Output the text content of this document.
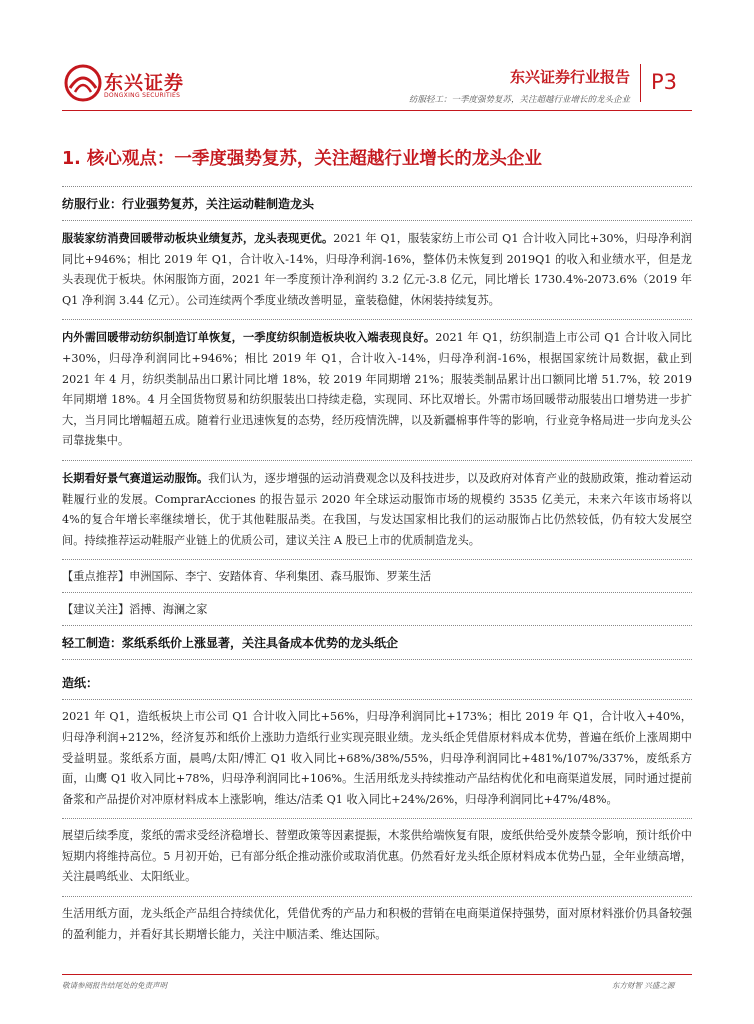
东兴证券
DONGXING SECURITIES
东兴证券行业报告
纺服轻工：一季度强势复苏，关注超越行业增长的龙头企业
P3
1. 核心观点：一季度强势复苏，关注超越行业增长的龙头企业
纺服行业：行业强势复苏，关注运动鞋制造龙头

服装家纺消费回暖带动板块业绩复苏，龙头表现更优。2021 年 Q1，服装家纺上市公司 Q1 合计收入同比+30%，归母净利润同比+946%；相比 2019 年 Q1，合计收入-14%，归母净利润-16%，整体仍未恢复到 2019Q1 的收入和业绩水平，但是龙头表现优于板块。休闲服饰方面，2021 年一季度预计净利润约 3.2 亿元-3.8 亿元，同比增长 1730.4%-2073.6%（2019 年 Q1 净利润 3.44 亿元）。公司连续两个季度业绩改善明显，童装稳健，休闲装持续复苏。

内外需回暖带动纺织制造订单恢复，一季度纺织制造板块收入端表现良好。2021 年 Q1，纺织制造上市公司 Q1 合计收入同比+30%，归母净利润同比+946%；相比 2019 年 Q1，合计收入-14%，归母净利润-16%，根据国家统计局数据，截止到 2021 年 4 月，纺织类制品出口累计同比增 18%，较 2019 年同期增 21%；服装类制品累计出口额同比增 51.7%，较 2019 年同期增 18%。4 月全国货物贸易和纺织服装出口持续走稳，实现同、环比双增长。外需市场回暖带动服装出口增势进一步扩大，当月同比增幅超五成。随着行业迅速恢复的态势，经历疫情洗牌，以及新疆棉事件等的影响，行业竞争格局进一步向龙头公司靠拢集中。

长期看好景气赛道运动服饰。我们认为，逐步增强的运动消费观念以及科技进步，以及政府对体育产业的鼓励政策，推动着运动鞋履行业的发展。ComprarAcciones 的报告显示 2020 年全球运动服饰市场的规模约 3535 亿美元，未来六年该市场将以 4%的复合年增长率继续增长，优于其他鞋服品类。在我国，与发达国家相比我们的运动服饰占比仍然较低，仍有较大发展空间。持续推荐运动鞋服产业链上的优质公司，建议关注 A 股已上市的优质制造龙头。

【重点推荐】申洲国际、李宁、安踏体育、华利集团、森马服饰、罗莱生活
【建议关注】滔搏、海澜之家
轻工制造：浆纸系纸价上涨显著，关注具备成本优势的龙头纸企
造纸：

2021 年 Q1，造纸板块上市公司 Q1 合计收入同比+56%，归母净利润同比+173%；相比 2019 年 Q1，合计收入+40%，归母净利润+212%，经济复苏和纸价上涨助力造纸行业实现亮眼业绩。龙头纸企凭借原材料成本优势，普遍在纸价上涨周期中受益明显。浆纸系方面，晨鸣/太阳/博汇 Q1 收入同比+68%/38%/55%，归母净利润同比+481%/107%/337%，废纸系方面，山鹰 Q1 收入同比+78%，归母净利润同比+106%。生活用纸龙头持续推动产品结构优化和电商渠道发展，同时通过提前备浆和产品提价对冲原材料成本上涨影响，维达/洁柔 Q1 收入同比+24%/26%，归母净利润同比+47%/48%。

展望后续季度，浆纸的需求受经济稳增长、替塑政策等因素提振，木浆供给端恢复有限，废纸供给受外废禁令影响，预计纸价中短期内将维持高位。5 月初开始，已有部分纸企推动涨价或取消优惠。仍然看好龙头纸企原材料成本优势凸显，全年业绩高增，关注晨鸣纸业、太阳纸业。

生活用纸方面，龙头纸企产品组合持续优化，凭借优秀的产品力和积极的营销在电商渠道保持强势，面对原材料涨价仍具备较强的盈利能力，并看好其长期增长能力，关注中顺洁柔、维达国际。

敬请参阅报告结尾处的免责声明	东方财智 兴盛之源
